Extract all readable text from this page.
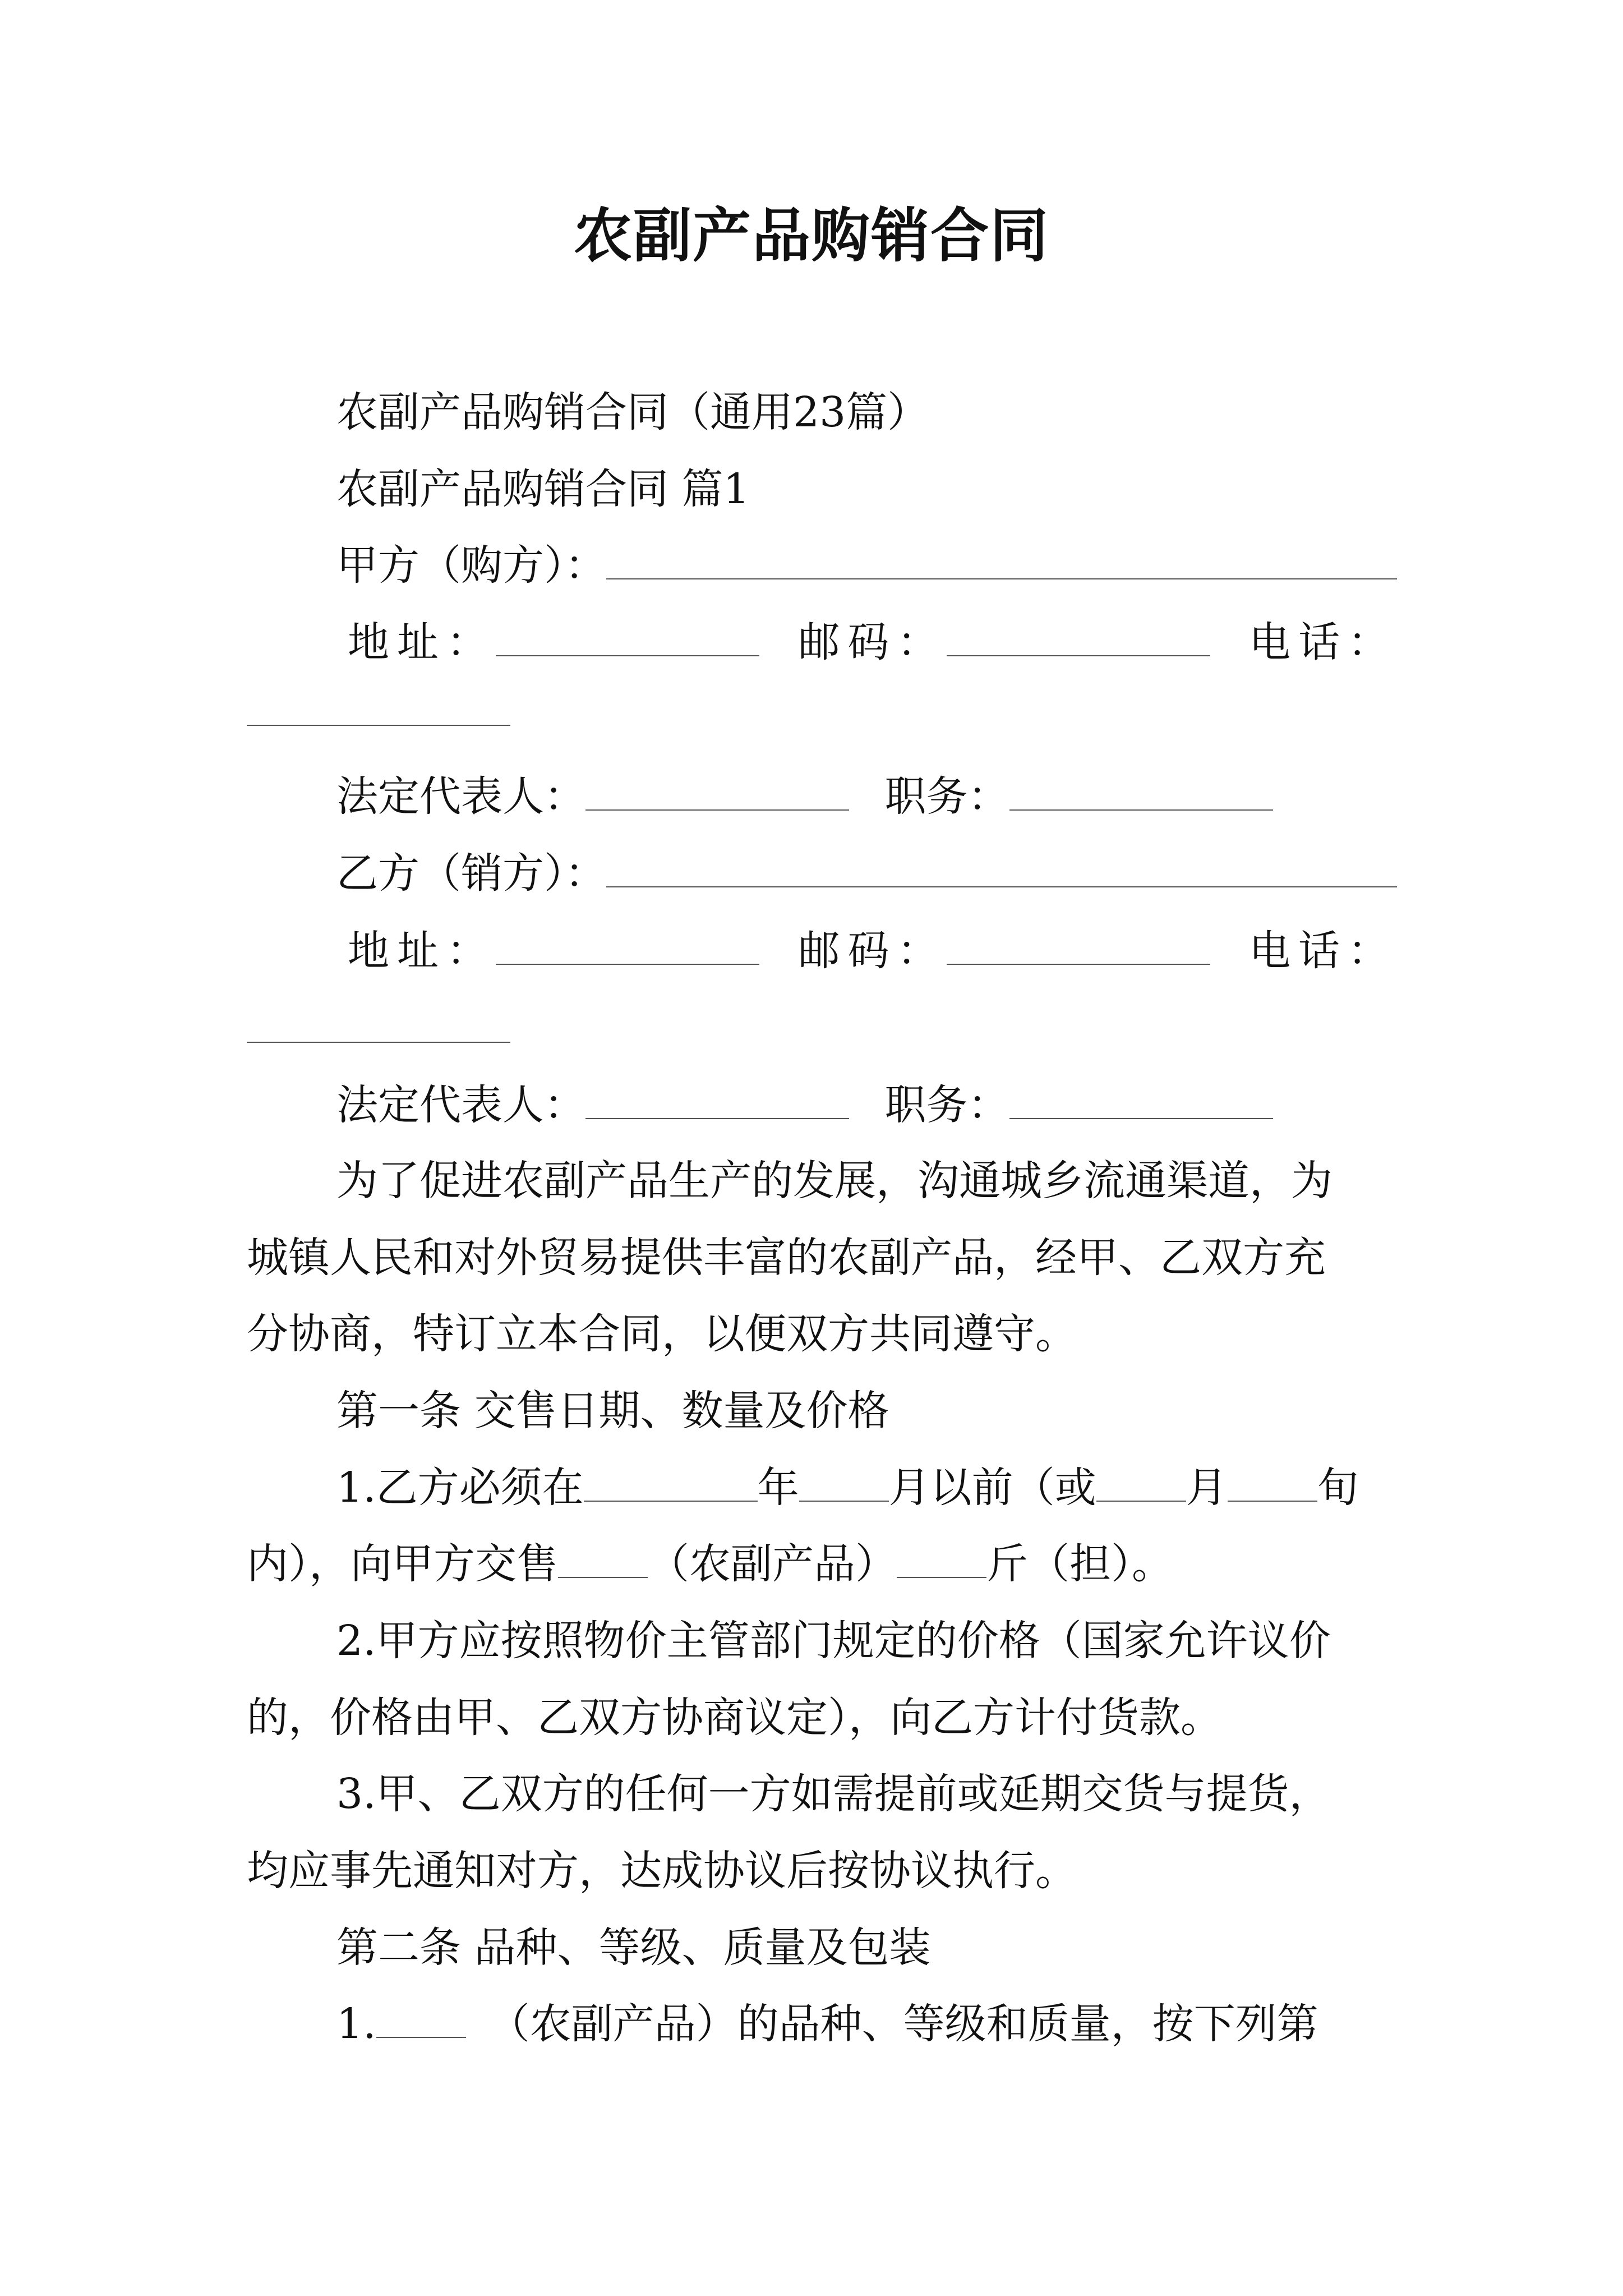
农副产品购销合同
农副产品购销合同（通用23篇）
农副产品购销合同 篇1
甲方（购方）：
地址：	邮码：	电话：
法定代表人：	职务：
乙方（销方）：
地址：	邮码：	电话：
法定代表人：	职务：
为了促进农副产品生产的发展，沟通城乡流通渠道，为
城镇人民和对外贸易提供丰富的农副产品，经甲、乙双方充
分协商，特订立本合同，以便双方共同遵守。
第一条 交售日期、数量及价格
1.乙方必须在	年 月以前（或 月 旬
内），向甲方交售 （农副产品） 斤（担）。
2.甲方应按照物价主管部门规定的价格（国家允许议价
的，价格由甲、乙双方协商议定），向乙方计付货款。
3.甲、乙双方的任何一方如需提前或延期交货与提货，
均应事先通知对方，达成协议后按协议执行。
第二条 品种、等级、质量及包装
1.	（农副产品）的品种、等级和质量，按下列第
